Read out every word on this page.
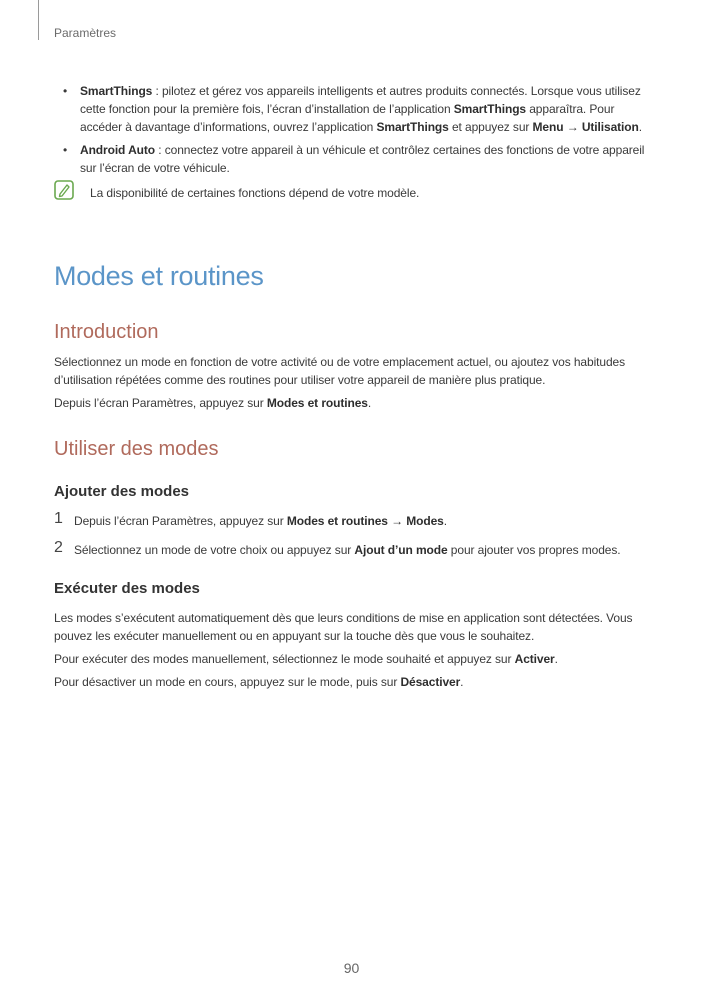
Paramètres
• SmartThings : pilotez et gérez vos appareils intelligents et autres produits connectés. Lorsque vous utilisez cette fonction pour la première fois, l’écran d’installation de l’application SmartThings apparaîtra. Pour accéder à davantage d’informations, ouvrez l’application SmartThings et appuyez sur Menu → Utilisation.
• Android Auto : connectez votre appareil à un véhicule et contrôlez certaines des fonctions de votre appareil sur l’écran de votre véhicule.

La disponibilité de certaines fonctions dépend de votre modèle.

Modes et routines
Introduction

Sélectionnez un mode en fonction de votre activité ou de votre emplacement actuel, ou ajoutez vos habitudes d’utilisation répétées comme des routines pour utiliser votre appareil de manière plus pratique.

Depuis l’écran Paramètres, appuyez sur Modes et routines.

Utiliser des modes
Ajouter des modes
1 Depuis l’écran Paramètres, appuyez sur Modes et routines → Modes.
2 Sélectionnez un mode de votre choix ou appuyez sur Ajout d’un mode pour ajouter vos propres modes.
Exécuter des modes

Les modes s’exécutent automatiquement dès que leurs conditions de mise en application sont détectées. Vous pouvez les exécuter manuellement ou en appuyant sur la touche dès que vous le souhaitez.

Pour exécuter des modes manuellement, sélectionnez le mode souhaité et appuyez sur Activer.

Pour désactiver un mode en cours, appuyez sur le mode, puis sur Désactiver.

90
